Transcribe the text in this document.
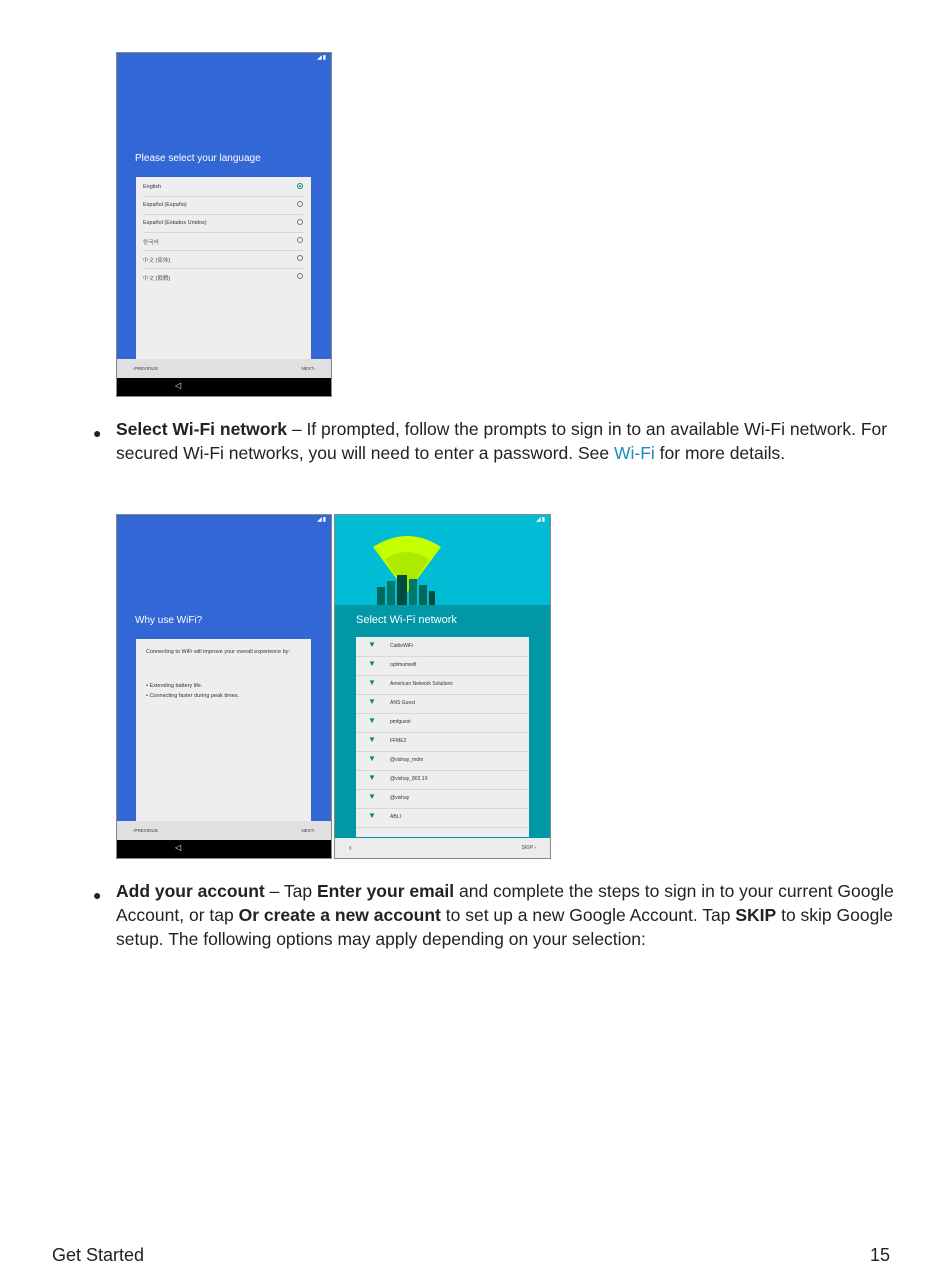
◢▮
Please select your language
English
Español (España)
Español (Estados Unidos)
한국어
中文 (简体)
中文 (繁體)
‹PREVIOUS	NEXT›
◁
● Select Wi-Fi network – If prompted, follow the prompts to sign in to an available Wi-Fi network. For secured Wi-Fi networks, you will need to enter a password. See Wi-Fi for more details.
◢▮
Why use WiFi?
Connecting to WiFi will improve your overall experience by:
• Extending battery life.
• Connecting faster during peak times.
‹PREVIOUS	NEXT›
◁
◢▮
Select Wi-Fi network
▼	CableWiFi
▼	optimumwifi
▼	American Network Solutions
▼	ANS Guest
▼	pmfguest
▼	FFME2
▼	@vishay_mdm
▼	@vishay_802.1X
▼	@vishay
▼	ABLI
‹	SKIP ›
● Add your account – Tap Enter your email and complete the steps to sign in to your current Google Account, or tap Or create a new account to set up a new Google Account. Tap SKIP to skip Google setup. The following options may apply depending on your selection:
Get Started	15
